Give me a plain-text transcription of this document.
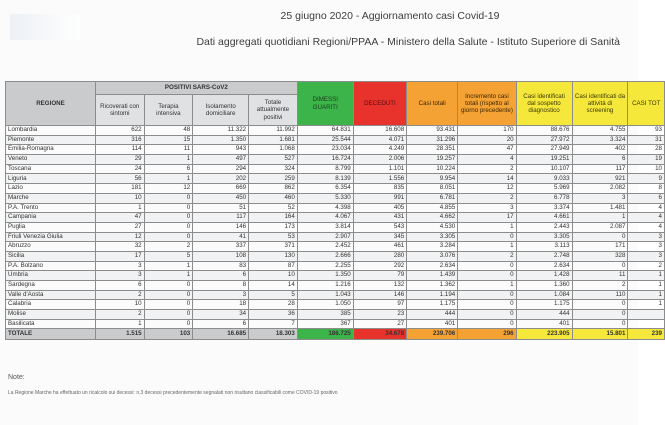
25 giugno 2020 - Aggiornamento casi Covid-19
Dati aggregati quotidiani Regioni/PPAA - Ministero della Salute - Istituto Superiore di Sanità
REGIONE	POSITIVI SARS-CoV2				DIMESSI GUARITI	DECEDUTI	Casi totali	Incremento casi totali (rispetto al giorno precedente)	Casi identificati dal sospetto diagnostico	Casi identificati da attività di screening	CASI TOT
	Ricoverati con sintomi	Terapia intensiva	Isolamento domiciliare	Totale attualmente positivi							
Lombardia	622	48	11.322	11.992	64.831	16.608	93.431	170	88.676	4.755	93
Piemonte	316	15	1.350	1.681	25.544	4.071	31.296	20	27.972	3.324	31
Emilia-Romagna	114	11	943	1.068	23.034	4.249	28.351	47	27.949	402	28
Veneto	29	1	497	527	16.724	2.006	19.257	4	19.251	6	19
Toscana	24	6	294	324	8.799	1.101	10.224	2	10.107	117	10
Liguria	56	1	202	259	8.139	1.556	9.954	14	9.033	921	9
Lazio	181	12	669	862	6.354	835	8.051	12	5.969	2.082	8
Marche	10	0	450	460	5.330	991	6.781	2	6.778	3	6
P.A. Trento	1	0	51	52	4.398	405	4.855	3	3.374	1.481	4
Campania	47	0	117	164	4.067	431	4.662	17	4.661	1	4
Puglia	27	0	146	173	3.814	543	4.530	1	2.443	2.087	4
Friuli Venezia Giulia	12	0	41	53	2.907	345	3.305	0	3.305	0	3
Abruzzo	32	2	337	371	2.452	461	3.284	1	3.113	171	3
Sicilia	17	5	108	130	2.666	280	3.076	2	2.748	328	3
P.A. Bolzano	3	1	83	87	2.255	292	2.634	0	2.634	0	2
Umbria	3	1	6	10	1.350	79	1.439	0	1.428	11	1
Sardegna	6	0	8	14	1.216	132	1.362	1	1.360	2	1
Valle d'Aosta	2	0	3	5	1.043	146	1.194	0	1.084	110	1
Calabria	10	0	18	28	1.050	97	1.175	0	1.175	0	1
Molise	2	0	34	36	385	23	444	0	444	0	
Basilicata	1	0	6	7	367	27	401	0	401	0	
TOTALE	1.515	103	16.685	18.303	186.725	34.678	239.706	296	223.905	15.801	239
Note:
La Regione Marche ha effettuato un ricalcolo sui decessi: n.3 decessi precedentemente segnalati non risultano classificabili come COVID-19 positivo
